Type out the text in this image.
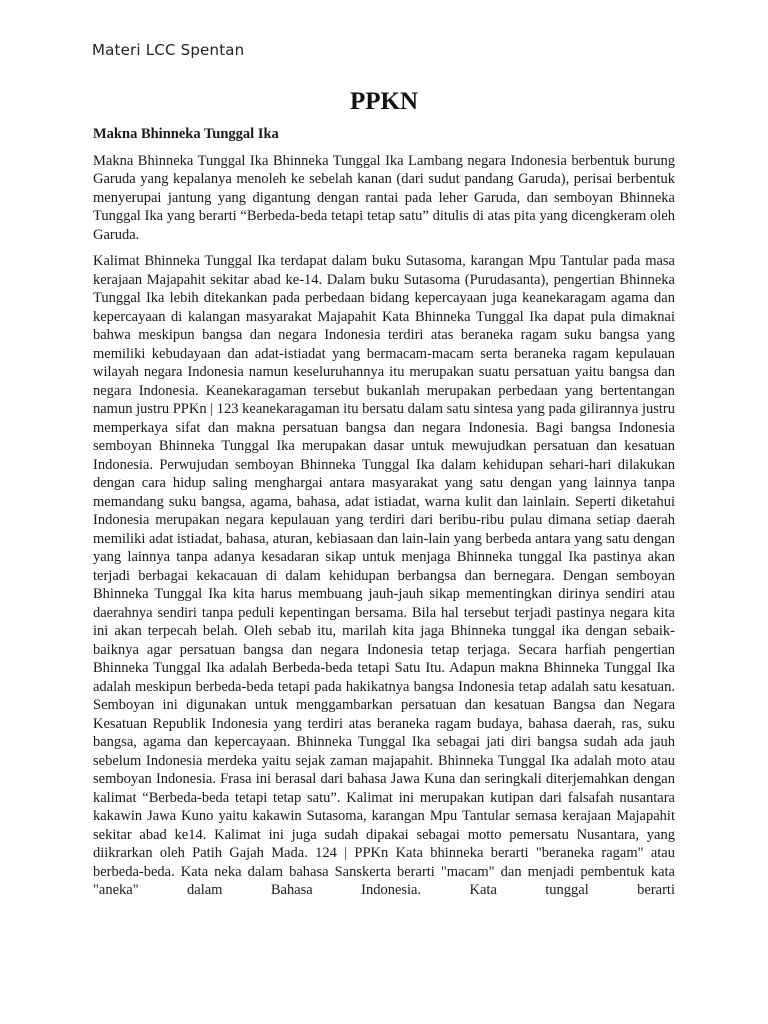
Materi LCC Spentan
PPKN

Makna Bhinneka Tunggal Ika

Makna Bhinneka Tunggal Ika Bhinneka Tunggal Ika Lambang negara Indonesia berbentuk burung Garuda yang kepalanya menoleh ke sebelah kanan (dari sudut pandang Garuda), perisai berbentuk menyerupai jantung yang digantung dengan rantai pada leher Garuda, dan semboyan Bhinneka Tunggal Ika yang berarti “Berbeda-beda tetapi tetap satu” ditulis di atas pita yang dicengkeram oleh Garuda.

Kalimat Bhinneka Tunggal Ika terdapat dalam buku Sutasoma, karangan Mpu Tantular pada masa kerajaan Majapahit sekitar abad ke-14. Dalam buku Sutasoma (Purudasanta), pengertian Bhinneka Tunggal Ika lebih ditekankan pada perbedaan bidang kepercayaan juga keanekaragam agama dan kepercayaan di kalangan masyarakat Majapahit Kata Bhinneka Tunggal Ika dapat pula dimaknai bahwa meskipun bangsa dan negara Indonesia terdiri atas beraneka ragam suku bangsa yang memiliki kebudayaan dan adat-istiadat yang bermacam-macam serta beraneka ragam kepulauan wilayah negara Indonesia namun keseluruhannya itu merupakan suatu persatuan yaitu bangsa dan negara Indonesia. Keanekaragaman tersebut bukanlah merupakan perbedaan yang bertentangan namun justru PPKn | 123 keanekaragaman itu bersatu dalam satu sintesa yang pada gilirannya justru memperkaya sifat dan makna persatuan bangsa dan negara Indonesia. Bagi bangsa Indonesia semboyan Bhinneka Tunggal Ika merupakan dasar untuk mewujudkan persatuan dan kesatuan Indonesia. Perwujudan semboyan Bhinneka Tunggal Ika dalam kehidupan sehari-hari dilakukan dengan cara hidup saling menghargai antara masyarakat yang satu dengan yang lainnya tanpa memandang suku bangsa, agama, bahasa, adat istiadat, warna kulit dan lainlain. Seperti diketahui Indonesia merupakan negara kepulauan yang terdiri dari beribu-ribu pulau dimana setiap daerah memiliki adat istiadat, bahasa, aturan, kebiasaan dan lain-lain yang berbeda antara yang satu dengan yang lainnya tanpa adanya kesadaran sikap untuk menjaga Bhinneka tunggal Ika pastinya akan terjadi berbagai kekacauan di dalam kehidupan berbangsa dan bernegara. Dengan semboyan Bhinneka Tunggal Ika kita harus membuang jauh-jauh sikap mementingkan dirinya sendiri atau daerahnya sendiri tanpa peduli kepentingan bersama. Bila hal tersebut terjadi pastinya negara kita ini akan terpecah belah. Oleh sebab itu, marilah kita jaga Bhinneka tunggal ika dengan sebaik-baiknya agar persatuan bangsa dan negara Indonesia tetap terjaga. Secara harfiah pengertian Bhinneka Tunggal Ika adalah Berbeda-beda tetapi Satu Itu. Adapun makna Bhinneka Tunggal Ika adalah meskipun berbeda-beda tetapi pada hakikatnya bangsa Indonesia tetap adalah satu kesatuan. Semboyan ini digunakan untuk menggambarkan persatuan dan kesatuan Bangsa dan Negara Kesatuan Republik Indonesia yang terdiri atas beraneka ragam budaya, bahasa daerah, ras, suku bangsa, agama dan kepercayaan. Bhinneka Tunggal Ika sebagai jati diri bangsa sudah ada jauh sebelum Indonesia merdeka yaitu sejak zaman majapahit. Bhinneka Tunggal Ika adalah moto atau semboyan Indonesia. Frasa ini berasal dari bahasa Jawa Kuna dan seringkali diterjemahkan dengan kalimat “Berbeda-beda tetapi tetap satu”. Kalimat ini merupakan kutipan dari falsafah nusantara kakawin Jawa Kuno yaitu kakawin Sutasoma, karangan Mpu Tantular semasa kerajaan Majapahit sekitar abad ke14. Kalimat ini juga sudah dipakai sebagai motto pemersatu Nusantara, yang diikrarkan oleh Patih Gajah Mada. 124 | PPKn Kata bhinneka berarti "beraneka ragam" atau berbeda-beda. Kata neka dalam bahasa Sanskerta berarti "macam" dan menjadi pembentuk kata "aneka" dalam Bahasa Indonesia. Kata tunggal berarti
